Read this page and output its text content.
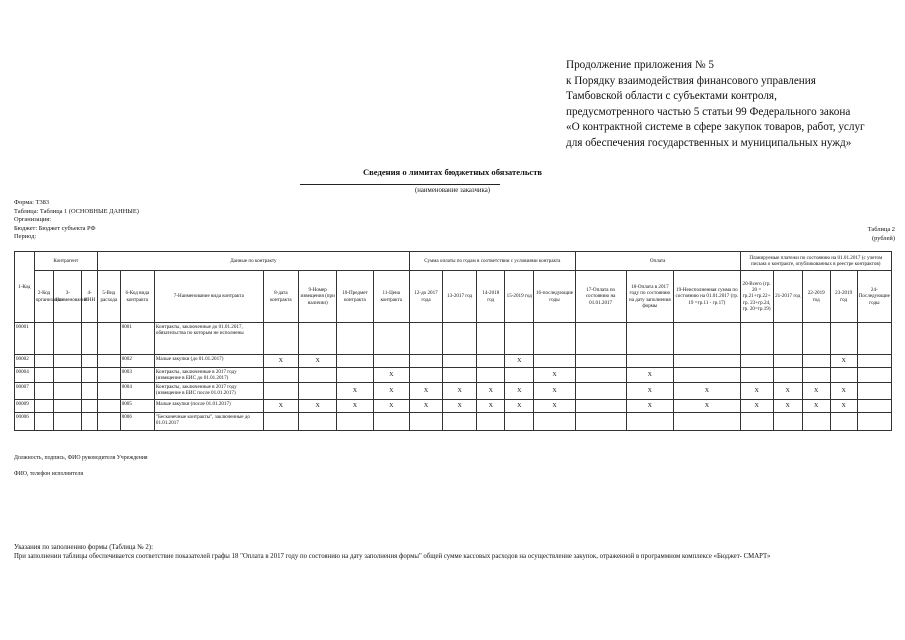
Продолжение приложения № 5
к Порядку взаимодействия финансового управления
Тамбовской области с субъектами контроля,
предусмотренного частью 5 статьи 99 Федерального закона
«О контрактной системе в сфере закупок товаров, работ, услуг
для обеспечения государственных и муниципальных нужд»
Сведения о лимитах бюджетных обязательств
(наименование заказчика)
Форма: Т383
Таблица: Таблица 1 (ОСНОВНЫЕ ДАННЫЕ)
Организация:
Бюджет: Бюджет субъекта РФ
Период:
Таблица 2
(рублей)
1-Код	Контрагент			Данные по контракту							Сумма оплаты по годам в соответствии с условиями контракта					Оплата			Планируемые платежи по состоянию на 01.01.2017 (с учетом письма о контракте, опубликованных в реестре контрактов)				
	2-Код организации	3-Наименование	4-ИНН	5-Вид расхода	6-Код вида контракта	7-Наименование вида контракта	8-дата контракта	9-Номер извещения (при наличии)	10-Предмет контракта	11-Цена контракта	12-до 2017 года	13-2017 год	14-2018 год	15-2019 год	16-последующие годы	17-Оплата по состоянию на 01.01.2017	18-Оплата в 2017 году по состоянию на дату заполнения формы	19-Неисполненная сумма по состоянию на 01.01.2017 (гр. 19 =гр.11 - гр.17)	20-Всего (гр. 20 = гр.21+гр.22+ гр. 23+гр.24, гр. 20=гр.19)	21-2017 год	22-2019 год	23-2019 год	24-Последующие годы
00001					0001	Контракты, заключенные до 01.01.2017, обязательства по которым не исполнены																	
00002					0002	Малые закупки (до 01.01.2017)	X	X						X								X	
00004					0003	Контракты, заключенные в 2017 году (извещение в ЕИС до 01.01.2017)				X					X		X						
00007					0004	Контракты, заключенные в 2017 году (извещение в ЕИС после 01.01.2017)			X	X	X	X	X	X	X		X	X	X	X	X	X	
00009					0005	Малые закупки (после 01.01.2017)	X	X	X	X	X	X	X	X	X		X	X	X	X	X	X	
00006					0006	"Бесконечные контракты", заключенные до 01.01.2017																	
Должность, подпись, ФИО руководителя Учреждения
ФИО, телефон исполнителя
Указания по заполнению формы (Таблица № 2):
При заполнении таблицы обеспечивается соответствие показателей графы 18 "Оплата в 2017 году по состоянию на дату заполнения формы" общей сумме кассовых расходов на осуществление закупок, отраженной в программном комплексе «Бюджет- СМАРТ»
